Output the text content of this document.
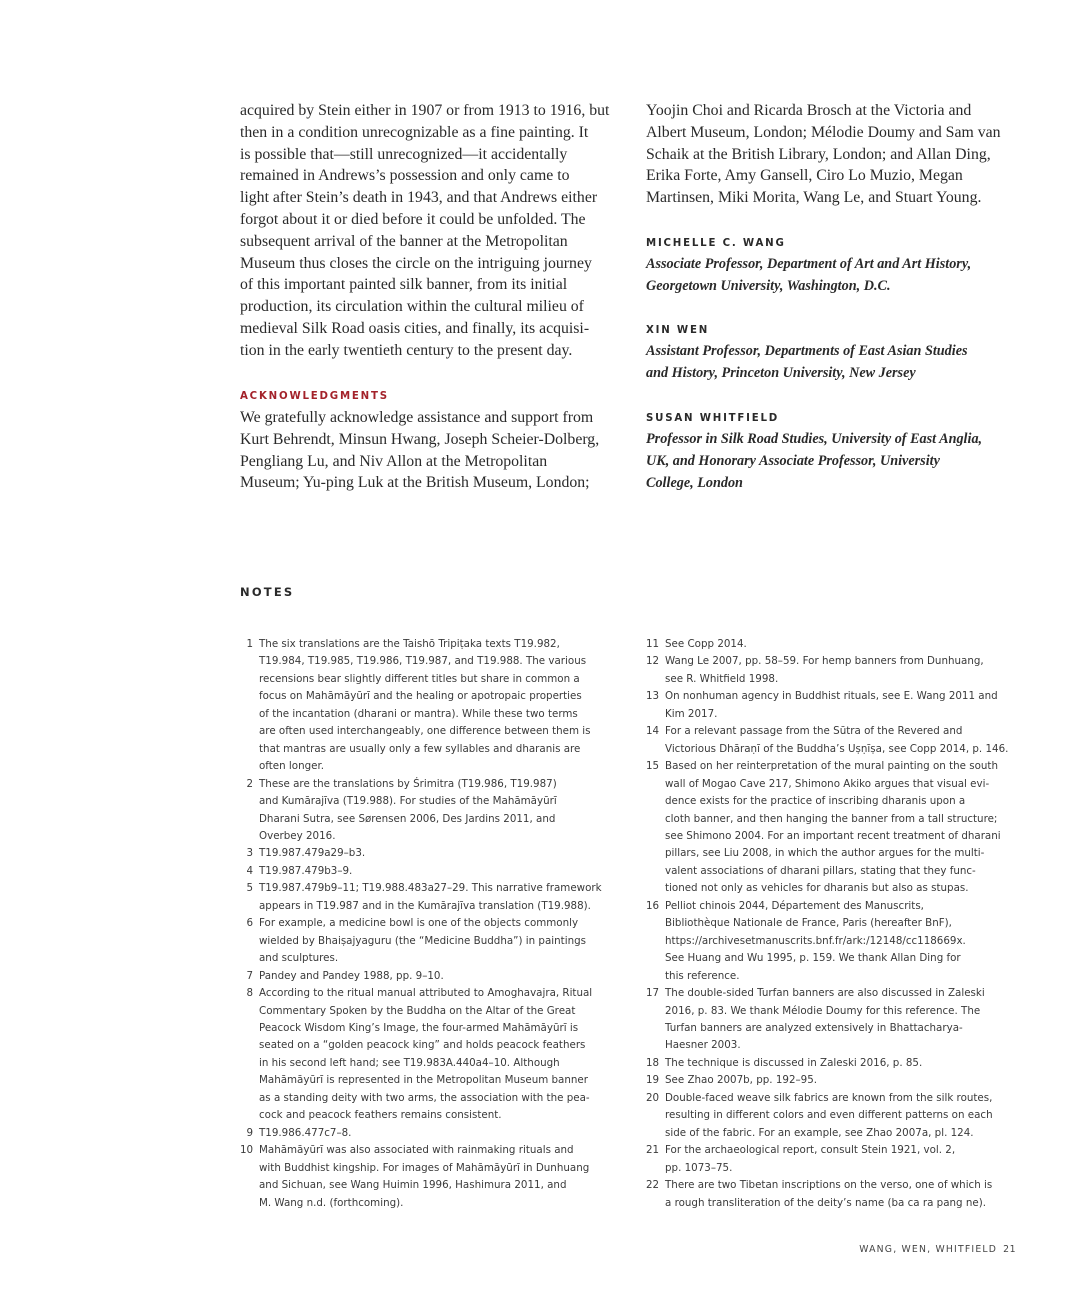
acquired by Stein either in 1907 or from 1913 to 1916, but
then in a condition unrecognizable as a fine painting. It
is possible that—still unrecognized—it accidentally
remained in Andrews’s possession and only came to
light after Stein’s death in 1943, and that Andrews either
forgot about it or died before it could be unfolded. The
subsequent arrival of the banner at the Metropolitan
Museum thus closes the circle on the intriguing journey
of this important painted silk banner, from its initial
production, its circulation within the cultural milieu of
medieval Silk Road oasis cities, and finally, its acquisi-
tion in the early twentieth century to the present day.
ACKNOWLEDGMENTS
We gratefully acknowledge assistance and support from
Kurt Behrendt, Minsun Hwang, Joseph Scheier-Dolberg,
Pengliang Lu, and Niv Allon at the Metropolitan
Museum; Yu-ping Luk at the British Museum, London;
Yoojin Choi and Ricarda Brosch at the Victoria and
Albert Museum, London; Mélodie Doumy and Sam van
Schaik at the British Library, London; and Allan Ding,
Erika Forte, Amy Gansell, Ciro Lo Muzio, Megan
Martinsen, Miki Morita, Wang Le, and Stuart Young.
MICHELLE C. WANG
Associate Professor, Department of Art and Art History,
Georgetown University, Washington, D.C.
XIN WEN
Assistant Professor, Departments of East Asian Studies
and History, Princeton University, New Jersey
SUSAN WHITFIELD
Professor in Silk Road Studies, University of East Anglia,
UK, and Honorary Associate Professor, University
College, London
NOTES
1 The six translations are the Taishō Tripiṭaka texts T19.982,
T19.984, T19.985, T19.986, T19.987, and T19.988. The various
recensions bear slightly different titles but share in common a
focus on Mahāmāyūrī and the healing or apotropaic properties
of the incantation (dharani or mantra). While these two terms
are often used interchangeably, one difference between them is
that mantras are usually only a few syllables and dharanis are
often longer.
2 These are the translations by Śrimitra (T19.986, T19.987)
and Kumārajīva (T19.988). For studies of the Mahāmāyūrī
Dharani Sutra, see Sørensen 2006, Des Jardins 2011, and
Overbey 2016.
3 T19.987.479a29–b3.
4 T19.987.479b3–9.
5 T19.987.479b9–11; T19.988.483a27–29. This narrative framework
appears in T19.987 and in the Kumārajīva translation (T19.988).
6 For example, a medicine bowl is one of the objects commonly
wielded by Bhaiṣajyaguru (the “Medicine Buddha”) in paintings
and sculptures.
7 Pandey and Pandey 1988, pp. 9–10.
8 According to the ritual manual attributed to Amoghavajra, Ritual
Commentary Spoken by the Buddha on the Altar of the Great
Peacock Wisdom King’s Image, the four-armed Mahāmāyūrī is
seated on a “golden peacock king” and holds peacock feathers
in his second left hand; see T19.983A.440a4–10. Although
Mahāmāyūrī is represented in the Metropolitan Museum banner
as a standing deity with two arms, the association with the pea-
cock and peacock feathers remains consistent.
9 T19.986.477c7–8.
10 Mahāmāyūrī was also associated with rainmaking rituals and
with Buddhist kingship. For images of Mahāmāyūrī in Dunhuang
and Sichuan, see Wang Huimin 1996, Hashimura 2011, and
M. Wang n.d. (forthcoming).
11 See Copp 2014.
12 Wang Le 2007, pp. 58–59. For hemp banners from Dunhuang,
see R. Whitfield 1998.
13 On nonhuman agency in Buddhist rituals, see E. Wang 2011 and
Kim 2017.
14 For a relevant passage from the Sūtra of the Revered and
Victorious Dhāraṇī of the Buddha’s Uṣṇīṣa, see Copp 2014, p. 146.
15 Based on her reinterpretation of the mural painting on the south
wall of Mogao Cave 217, Shimono Akiko argues that visual evi-
dence exists for the practice of inscribing dharanis upon a
cloth banner, and then hanging the banner from a tall structure;
see Shimono 2004. For an important recent treatment of dharani
pillars, see Liu 2008, in which the author argues for the multi-
valent associations of dharani pillars, stating that they func-
tioned not only as vehicles for dharanis but also as stupas.
16 Pelliot chinois 2044, Département des Manuscrits,
Bibliothèque Nationale de France, Paris (hereafter BnF),
https://archivesetmanuscrits.bnf.fr/ark:/12148/cc118669x.
See Huang and Wu 1995, p. 159. We thank Allan Ding for
this reference.
17 The double-sided Turfan banners are also discussed in Zaleski
2016, p. 83. We thank Mélodie Doumy for this reference. The
Turfan banners are analyzed extensively in Bhattacharya-
Haesner 2003.
18 The technique is discussed in Zaleski 2016, p. 85.
19 See Zhao 2007b, pp. 192–95.
20 Double-faced weave silk fabrics are known from the silk routes,
resulting in different colors and even different patterns on each
side of the fabric. For an example, see Zhao 2007a, pl. 124.
21 For the archaeological report, consult Stein 1921, vol. 2,
pp. 1073–75.
22 There are two Tibetan inscriptions on the verso, one of which is
a rough transliteration of the deity’s name (ba ca ra pang ne).
WANG, WEN, WHITFIELD 21
